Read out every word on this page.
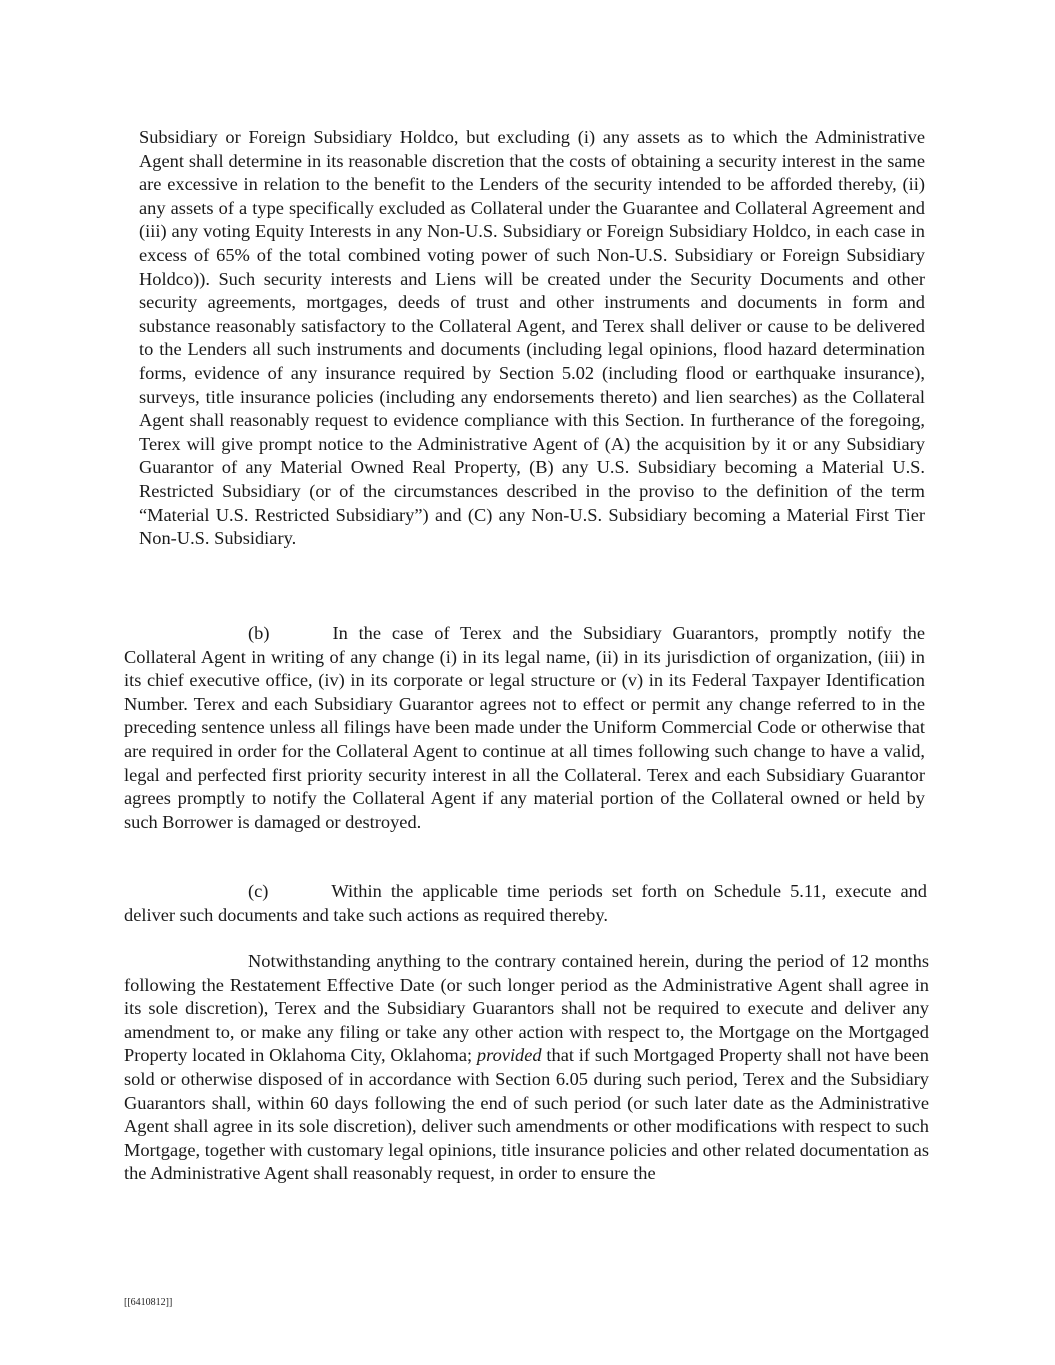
Subsidiary or Foreign Subsidiary Holdco, but excluding (i) any assets as to which the Administrative Agent shall determine in its reasonable discretion that the costs of obtaining a security interest in the same are excessive in relation to the benefit to the Lenders of the security intended to be afforded thereby, (ii) any assets of a type specifically excluded as Collateral under the Guarantee and Collateral Agreement and (iii) any voting Equity Interests in any Non-U.S. Subsidiary or Foreign Subsidiary Holdco, in each case in excess of 65% of the total combined voting power of such Non-U.S. Subsidiary or Foreign Subsidiary Holdco)). Such security interests and Liens will be created under the Security Documents and other security agreements, mortgages, deeds of trust and other instruments and documents in form and substance reasonably satisfactory to the Collateral Agent, and Terex shall deliver or cause to be delivered to the Lenders all such instruments and documents (including legal opinions, flood hazard determination forms, evidence of any insurance required by Section 5.02 (including flood or earthquake insurance), surveys, title insurance policies (including any endorsements thereto) and lien searches) as the Collateral Agent shall reasonably request to evidence compliance with this Section. In furtherance of the foregoing, Terex will give prompt notice to the Administrative Agent of (A) the acquisition by it or any Subsidiary Guarantor of any Material Owned Real Property, (B) any U.S. Subsidiary becoming a Material U.S. Restricted Subsidiary (or of the circumstances described in the proviso to the definition of the term “Material U.S. Restricted Subsidiary”) and (C) any Non-U.S. Subsidiary becoming a Material First Tier Non-U.S. Subsidiary.

(b)	In the case of Terex and the Subsidiary Guarantors, promptly notify the Collateral Agent in writing of any change (i) in its legal name, (ii) in its jurisdiction of organization, (iii) in its chief executive office, (iv) in its corporate or legal structure or (v) in its Federal Taxpayer Identification Number. Terex and each Subsidiary Guarantor agrees not to effect or permit any change referred to in the preceding sentence unless all filings have been made under the Uniform Commercial Code or otherwise that are required in order for the Collateral Agent to continue at all times following such change to have a valid, legal and perfected first priority security interest in all the Collateral. Terex and each Subsidiary Guarantor agrees promptly to notify the Collateral Agent if any material portion of the Collateral owned or held by such Borrower is damaged or destroyed.

(c)	Within the applicable time periods set forth on Schedule 5.11, execute and deliver such documents and take such actions as required thereby.

Notwithstanding anything to the contrary contained herein, during the period of 12 months following the Restatement Effective Date (or such longer period as the Administrative Agent shall agree in its sole discretion), Terex and the Subsidiary Guarantors shall not be required to execute and deliver any amendment to, or make any filing or take any other action with respect to, the Mortgage on the Mortgaged Property located in Oklahoma City, Oklahoma; provided that if such Mortgaged Property shall not have been sold or otherwise disposed of in accordance with Section 6.05 during such period, Terex and the Subsidiary Guarantors shall, within 60 days following the end of such period (or such later date as the Administrative Agent shall agree in its sole discretion), deliver such amendments or other modifications with respect to such Mortgage, together with customary legal opinions, title insurance policies and other related documentation as the Administrative Agent shall reasonably request, in order to ensure the

[[6410812]]
